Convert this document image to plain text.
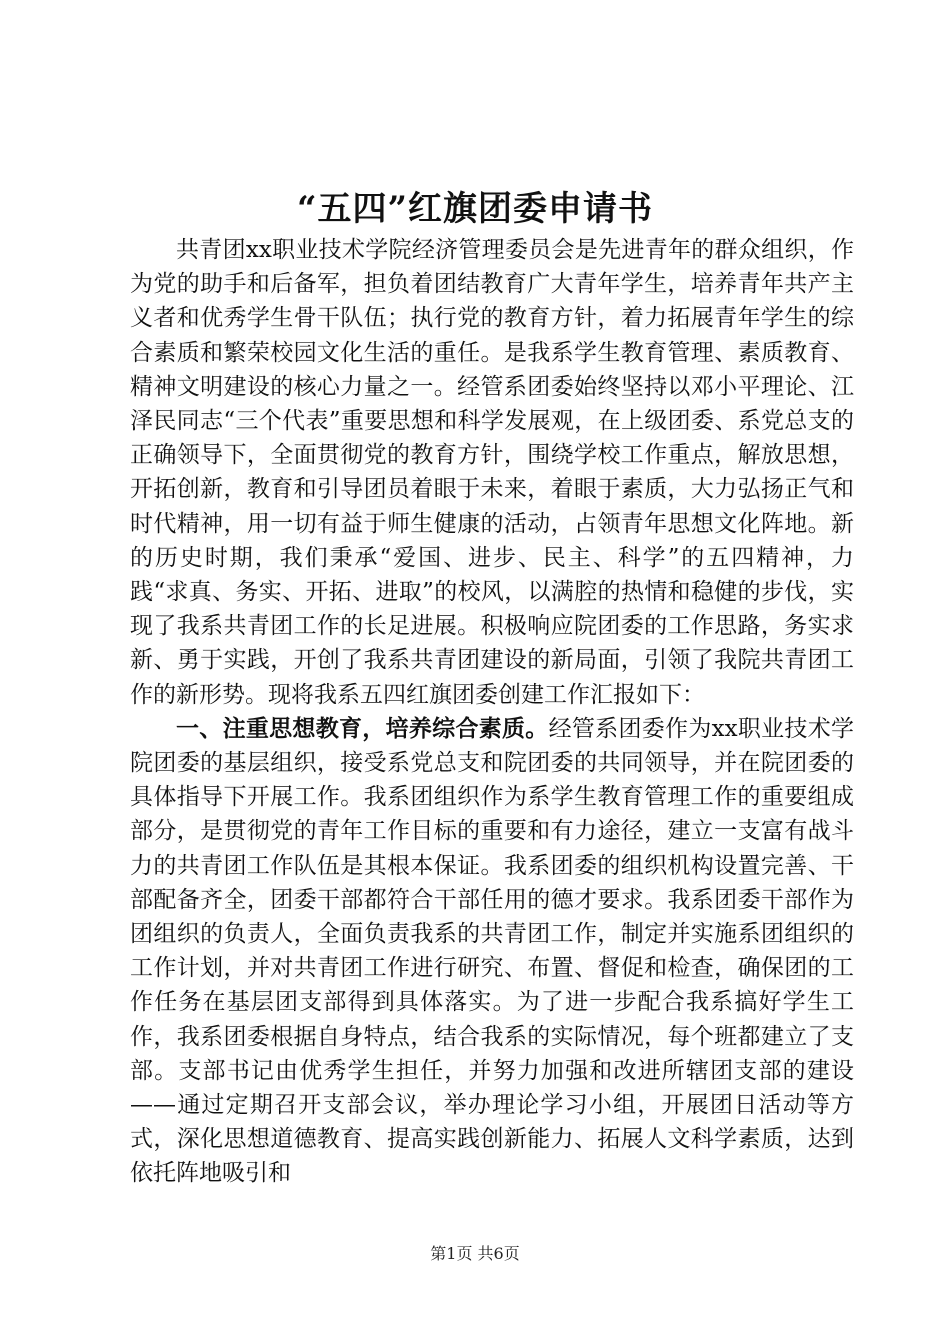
“五四”红旗团委申请书

共青团xx职业技术学院经济管理委员会是先进青年的群众组织，作为党的助手和后备军，担负着团结教育广大青年学生，培养青年共产主义者和优秀学生骨干队伍；执行党的教育方针，着力拓展青年学生的综合素质和繁荣校园文化生活的重任。是我系学生教育管理、素质教育、精神文明建设的核心力量之一。经管系团委始终坚持以邓小平理论、江泽民同志“三个代表”重要思想和科学发展观，在上级团委、系党总支的正确领导下，全面贯彻党的教育方针，围绕学校工作重点，解放思想，开拓创新，教育和引导团员着眼于未来，着眼于素质，大力弘扬正气和时代精神，用一切有益于师生健康的活动，占领青年思想文化阵地。新的历史时期，我们秉承“爱国、进步、民主、科学”的五四精神，力践“求真、务实、开拓、进取”的校风，以满腔的热情和稳健的步伐，实现了我系共青团工作的长足进展。积极响应院团委的工作思路，务实求新、勇于实践，开创了我系共青团建设的新局面，引领了我院共青团工作的新形势。现将我系五四红旗团委创建工作汇报如下：

一、注重思想教育，培养综合素质。经管系团委作为xx职业技术学院团委的基层组织，接受系党总支和院团委的共同领导，并在院团委的具体指导下开展工作。我系团组织作为系学生教育管理工作的重要组成部分，是贯彻党的青年工作目标的重要和有力途径，建立一支富有战斗力的共青团工作队伍是其根本保证。我系团委的组织机构设置完善、干部配备齐全，团委干部都符合干部任用的德才要求。我系团委干部作为团组织的负责人，全面负责我系的共青团工作，制定并实施系团组织的工作计划，并对共青团工作进行研究、布置、督促和检查，确保团的工作任务在基层团支部得到具体落实。为了进一步配合我系搞好学生工作，我系团委根据自身特点，结合我系的实际情况，每个班都建立了支部。支部书记由优秀学生担任，并努力加强和改进所辖团支部的建设——通过定期召开支部会议，举办理论学习小组，开展团日活动等方式，深化思想道德教育、提高实践创新能力、拓展人文科学素质，达到依托阵地吸引和

第1页 共6页
